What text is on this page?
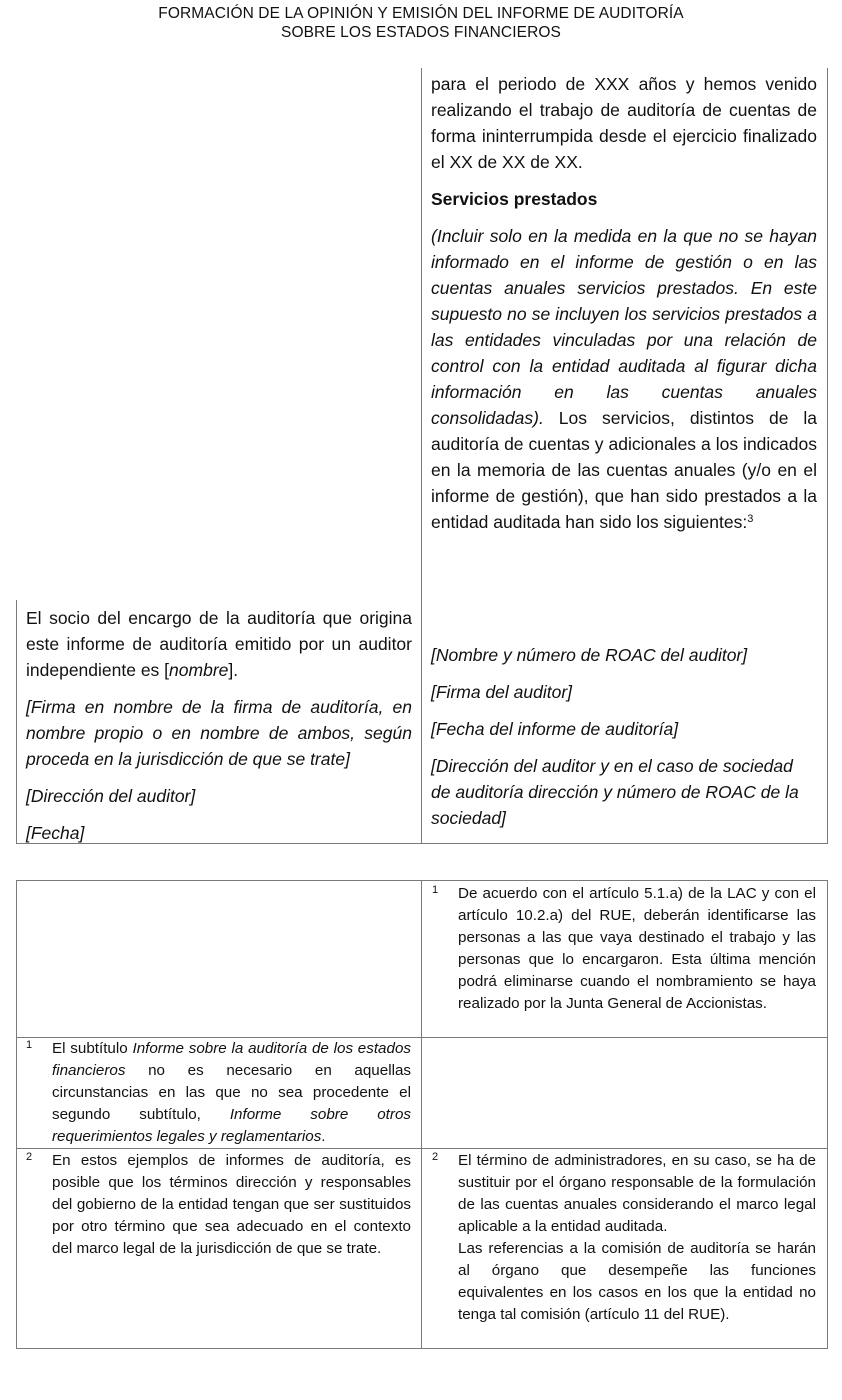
FORMACIÓN DE LA OPINIÓN Y EMISIÓN DEL INFORME DE AUDITORÍA
SOBRE LOS ESTADOS FINANCIEROS

para el periodo de XXX años y hemos venido realizando el trabajo de auditoría de cuentas de forma ininterrumpida desde el ejercicio finalizado el XX de XX de XX.

Servicios prestados

(Incluir solo en la medida en la que no se hayan informado en el informe de gestión o en las cuentas anuales servicios prestados. En este supuesto no se incluyen los servicios prestados a las entidades vinculadas por una relación de control con la entidad auditada al figurar dicha información en las cuentas anuales consolidadas). Los servicios, distintos de la auditoría de cuentas y adicionales a los indicados en la memoria de las cuentas anuales (y/o en el informe de gestión), que han sido prestados a la entidad auditada han sido los siguientes:$^3$

El socio del encargo de la auditoría que origina este informe de auditoría emitido por un auditor independiente es [nombre].

[Firma en nombre de la firma de auditoría, en nombre propio o en nombre de ambos, según proceda en la jurisdicción de que se trate]

[Dirección del auditor]

[Fecha]

[Nombre y número de ROAC del auditor]

[Firma del auditor]

[Fecha del informe de auditoría]

[Dirección del auditor y en el caso de sociedad de auditoría dirección y número de ROAC de la sociedad]

1 De acuerdo con el artículo 5.1.a) de la LAC y con el artículo 10.2.a) del RUE, deberán identificarse las personas a las que vaya destinado el trabajo y las personas que lo encargaron. Esta última mención podrá eliminarse cuando el nombramiento se haya realizado por la Junta General de Accionistas.
1 El subtítulo Informe sobre la auditoría de los estados financieros no es necesario en aquellas circunstancias en las que no sea procedente el segundo subtítulo, Informe sobre otros requerimientos legales y reglamentarios.
2 En estos ejemplos de informes de auditoría, es posible que los términos dirección y responsables del gobierno de la entidad tengan que ser sustituidos por otro término que sea adecuado en el contexto del marco legal de la jurisdicción de que se trate.
2 El término de administradores, en su caso, se ha de sustituir por el órgano responsable de la formulación de las cuentas anuales considerando el marco legal aplicable a la entidad auditada.
Las referencias a la comisión de auditoría se harán al órgano que desempeñe las funciones equivalentes en los casos en los que la entidad no tenga tal comisión (artículo 11 del RUE).
